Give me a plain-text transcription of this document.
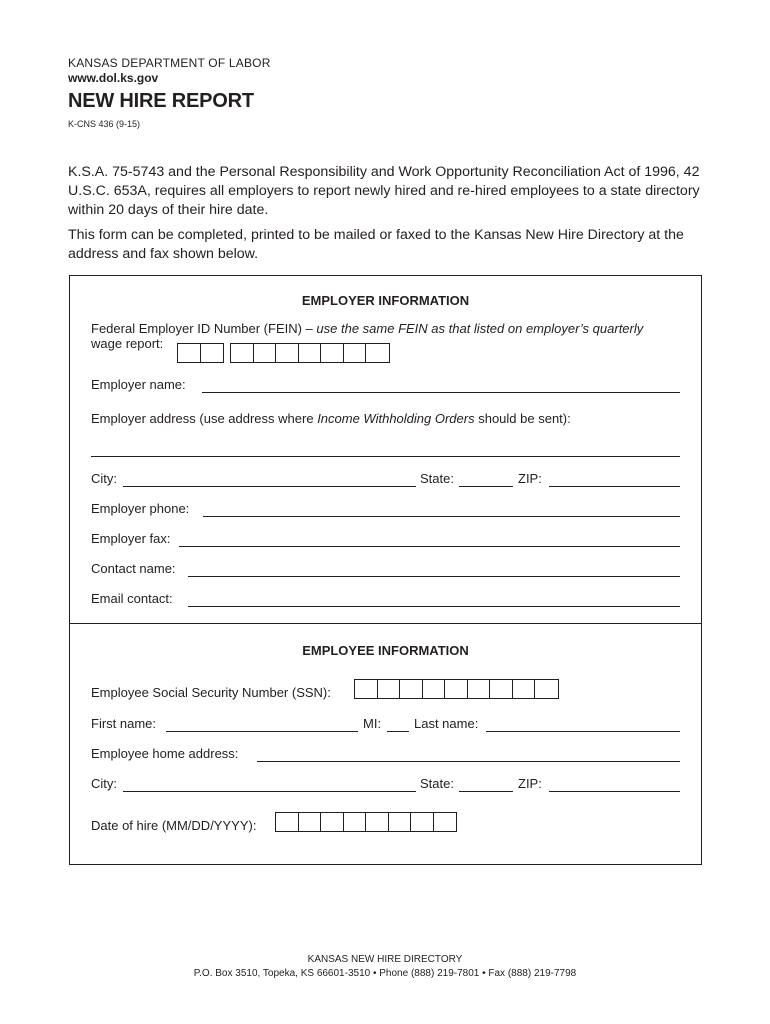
KANSAS DEPARTMENT OF LABOR
www.dol.ks.gov
NEW HIRE REPORT
K-CNS 436 (9-15)

K.S.A. 75-5743 and the Personal Responsibility and Work Opportunity Reconciliation Act of 1996, 42 U.S.C. 653A, requires all employers to report newly hired and re-hired employees to a state directory within 20 days of their hire date.

This form can be completed, printed to be mailed or faxed to the Kansas New Hire Directory at the address and fax shown below.

EMPLOYER INFORMATION
Federal Employer ID Number (FEIN) – use the same FEIN as that listed on employer’s quarterly
wage report:
Employer name:
Employer address (use address where Income Withholding Orders should be sent):
City:	State:	ZIP:
Employer phone:
Employer fax:
Contact name:
Email contact:
EMPLOYEE INFORMATION
Employee Social Security Number (SSN):
First name:	MI:	Last name:
Employee home address:
City:	State:	ZIP:
Date of hire (MM/DD/YYYY):
KANSAS NEW HIRE DIRECTORY
P.O. Box 3510, Topeka, KS 66601-3510 • Phone (888) 219-7801 • Fax (888) 219-7798
